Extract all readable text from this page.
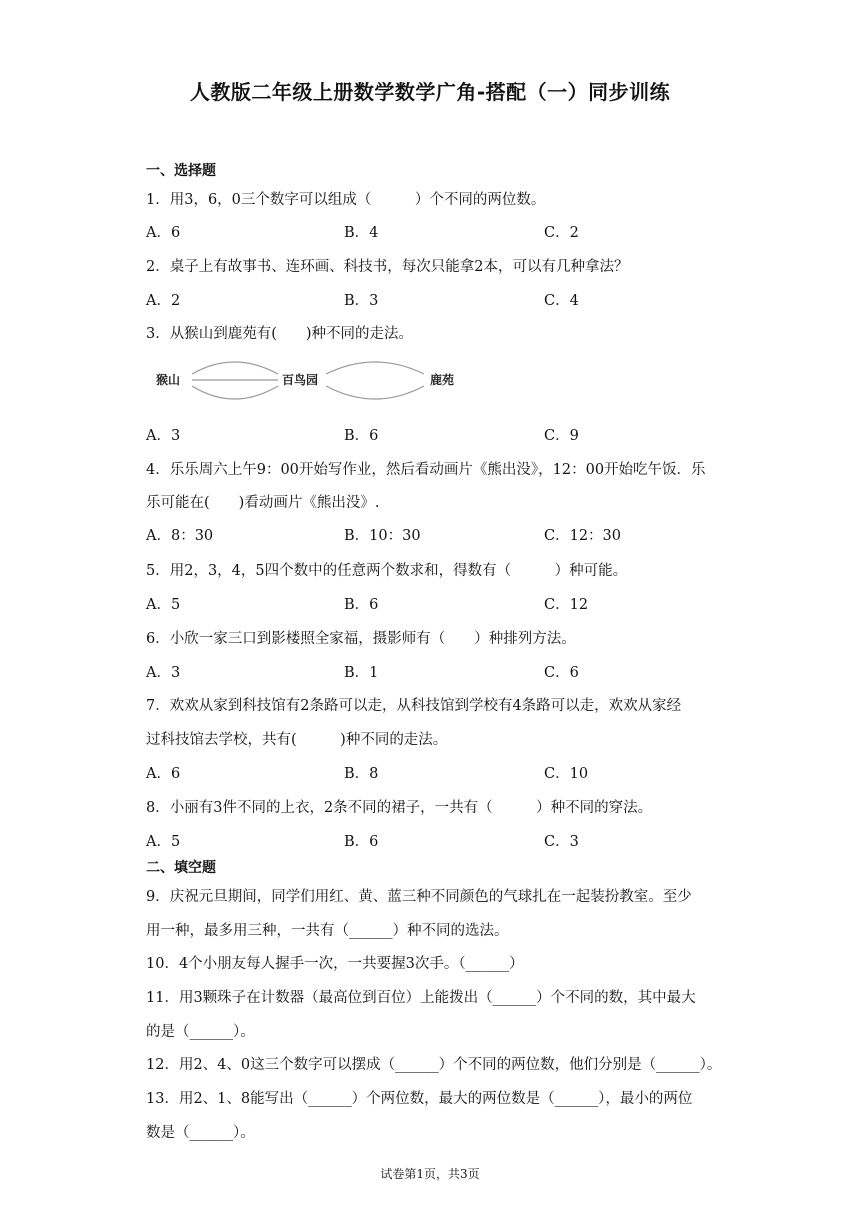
人教版二年级上册数学数学广角-搭配（一）同步训练
一、选择题
1．用3，6，0三个数字可以组成（　　　）个不同的两位数。
A．6	B．4	C．2
2．桌子上有故事书、连环画、科技书，每次只能拿2本，可以有几种拿法？
A．2	B．3	C．4
3．从猴山到鹿苑有(　　)种不同的走法。
猴山	百鸟园	鹿苑
A．3	B．6	C．9
4．乐乐周六上午9：00开始写作业，然后看动画片《熊出没》，12：00开始吃午饭．乐
乐可能在(　　)看动画片《熊出没》.
A．8：30	B．10：30	C．12：30
5．用2，3，4，5四个数中的任意两个数求和，得数有（　　　）种可能。
A．5	B．6	C．12
6．小欣一家三口到影楼照全家福，摄影师有（　　）种排列方法。
A．3	B．1	C．6
7．欢欢从家到科技馆有2条路可以走，从科技馆到学校有4条路可以走，欢欢从家经
过科技馆去学校，共有(　　　)种不同的走法。
A．6	B．8	C．10
8．小丽有3件不同的上衣，2条不同的裙子，一共有（　　　）种不同的穿法。
A．5	B．6	C．3
二、填空题
9．庆祝元旦期间，同学们用红、黄、蓝三种不同颜色的气球扎在一起装扮教室。至少
用一种，最多用三种，一共有（______）种不同的选法。
10．4个小朋友每人握手一次，一共要握3次手。（______）
11．用3颗珠子在计数器（最高位到百位）上能拨出（______）个不同的数，其中最大
的是（______）。
12．用2、4、0这三个数字可以摆成（______）个不同的两位数，他们分别是（______）。
13．用2、1、8能写出（______）个两位数，最大的两位数是（______），最小的两位
数是（______）。
试卷第1页，共3页
